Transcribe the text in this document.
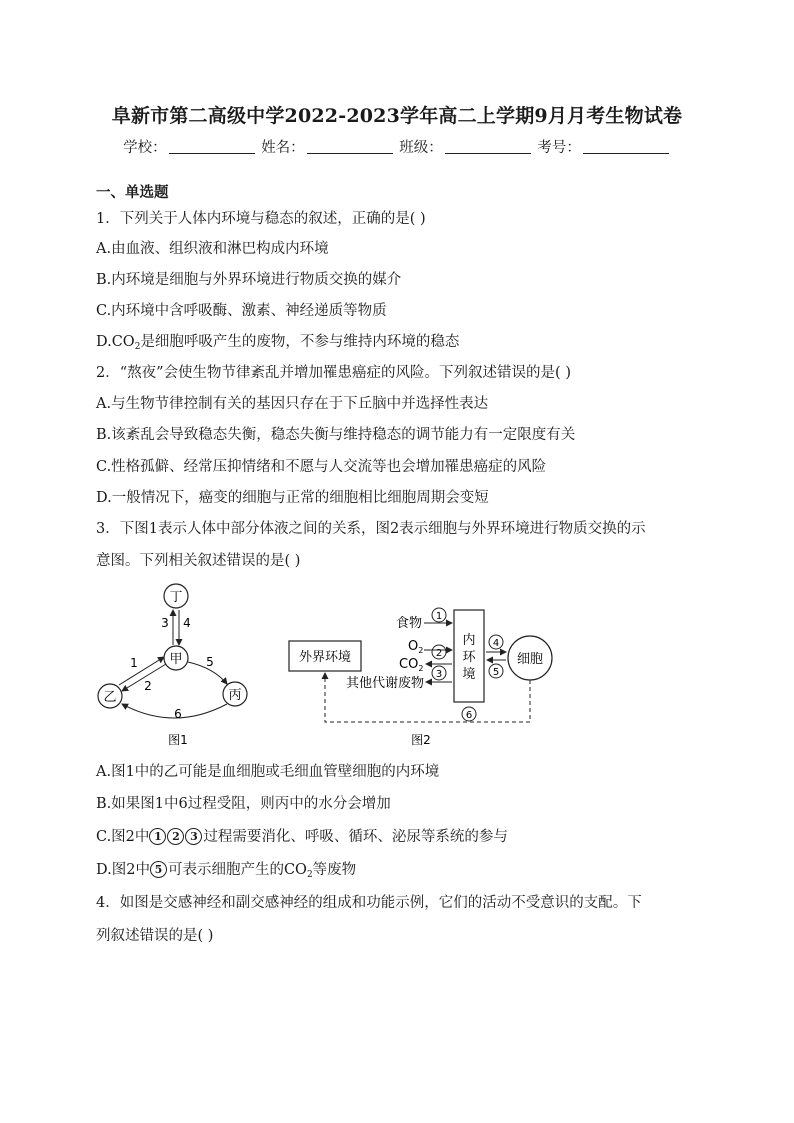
阜新市第二高级中学2022-2023学年高二上学期9月月考生物试卷
学校：	姓名：	班级：	考号：
一、单选题
1．下列关于人体内环境与稳态的叙述，正确的是( )
A.由血液、组织液和淋巴构成内环境
B.内环境是细胞与外界环境进行物质交换的媒介
C.内环境中含呼吸酶、激素、神经递质等物质
$D.CO_2$是细胞呼吸产生的废物，不参与维持内环境的稳态
2．“熬夜”会使生物节律紊乱并增加罹患癌症的风险。下列叙述错误的是( )
A.与生物节律控制有关的基因只存在于下丘脑中并选择性表达
B.该紊乱会导致稳态失衡，稳态失衡与维持稳态的调节能力有一定限度有关
C.性格孤僻、经常压抑情绪和不愿与人交流等也会增加罹患癌症的风险
D.一般情况下，癌变的细胞与正常的细胞相比细胞周期会变短
3．下图1表示人体中部分体液之间的关系，图2表示细胞与外界环境进行物质交换的示
意图。下列相关叙述错误的是( )
丁
甲
乙	丙
3 4
1
2
5
6
图1
外界环境
内
环
境
细胞
食物 1
$O_2$ 2
$CO_2$
其他代谢废物
3
4
5
6
图2
A.图1中的乙可能是血细胞或毛细血管壁细胞的内环境
B.如果图1中6过程受阻，则丙中的水分会增加
C.图2中 1 2 3 过程需要消化、呼吸、循环、泌尿等系统的参与
D.图2中 5 可表示细胞产生的$CO_2$等废物
4．如图是交感神经和副交感神经的组成和功能示例，它们的活动不受意识的支配。下
列叙述错误的是( )
